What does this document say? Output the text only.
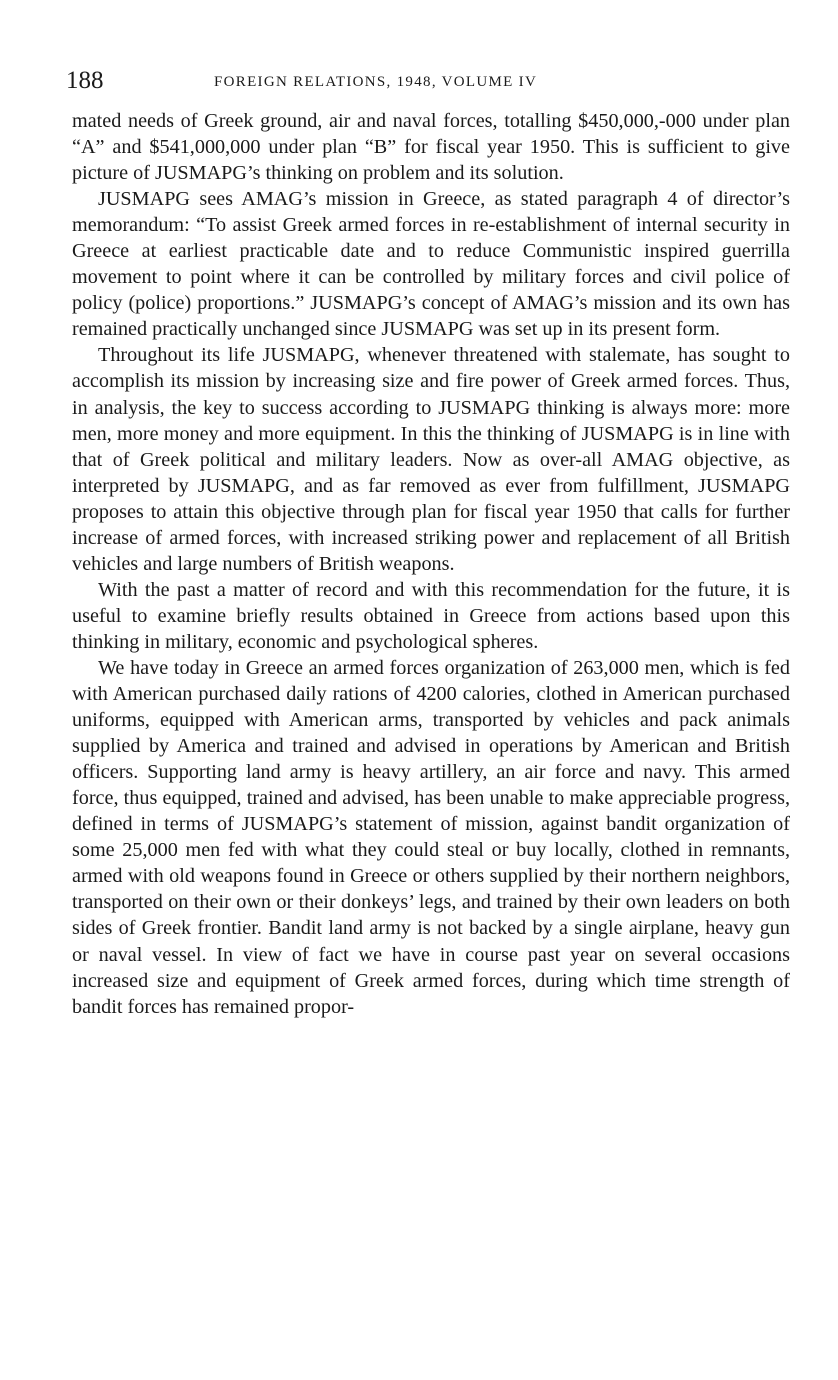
188	FOREIGN RELATIONS, 1948, VOLUME IV

mated needs of Greek ground, air and naval forces, totalling $450,000,-000 under plan “A” and $541,000,000 under plan “B” for fiscal year 1950. This is sufficient to give picture of JUSMAPG’s thinking on problem and its solution.

JUSMAPG sees AMAG’s mission in Greece, as stated paragraph 4 of director’s memorandum: “To assist Greek armed forces in re-establishment of internal security in Greece at earliest practicable date and to reduce Communistic inspired guerrilla movement to point where it can be controlled by military forces and civil police of policy (police) proportions.” JUSMAPG’s concept of AMAG’s mission and its own has remained practically unchanged since JUSMAPG was set up in its present form.

Throughout its life JUSMAPG, whenever threatened with stalemate, has sought to accomplish its mission by increasing size and fire power of Greek armed forces. Thus, in analysis, the key to success according to JUSMAPG thinking is always more: more men, more money and more equipment. In this the thinking of JUSMAPG is in line with that of Greek political and military leaders. Now as over-all AMAG objective, as interpreted by JUSMAPG, and as far removed as ever from fulfillment, JUSMAPG proposes to attain this objective through plan for fiscal year 1950 that calls for further increase of armed forces, with increased striking power and replacement of all British vehicles and large numbers of British weapons.

With the past a matter of record and with this recommendation for the future, it is useful to examine briefly results obtained in Greece from actions based upon this thinking in military, economic and psychological spheres.

We have today in Greece an armed forces organization of 263,000 men, which is fed with American purchased daily rations of 4200 calories, clothed in American purchased uniforms, equipped with American arms, transported by vehicles and pack animals supplied by America and trained and advised in operations by American and British officers. Supporting land army is heavy artillery, an air force and navy. This armed force, thus equipped, trained and advised, has been unable to make appreciable progress, defined in terms of JUSMAPG’s statement of mission, against bandit organization of some 25,000 men fed with what they could steal or buy locally, clothed in remnants, armed with old weapons found in Greece or others supplied by their northern neighbors, transported on their own or their donkeys’ legs, and trained by their own leaders on both sides of Greek frontier. Bandit land army is not backed by a single airplane, heavy gun or naval vessel. In view of fact we have in course past year on several occasions increased size and equipment of Greek armed forces, during which time strength of bandit forces has remained propor-
